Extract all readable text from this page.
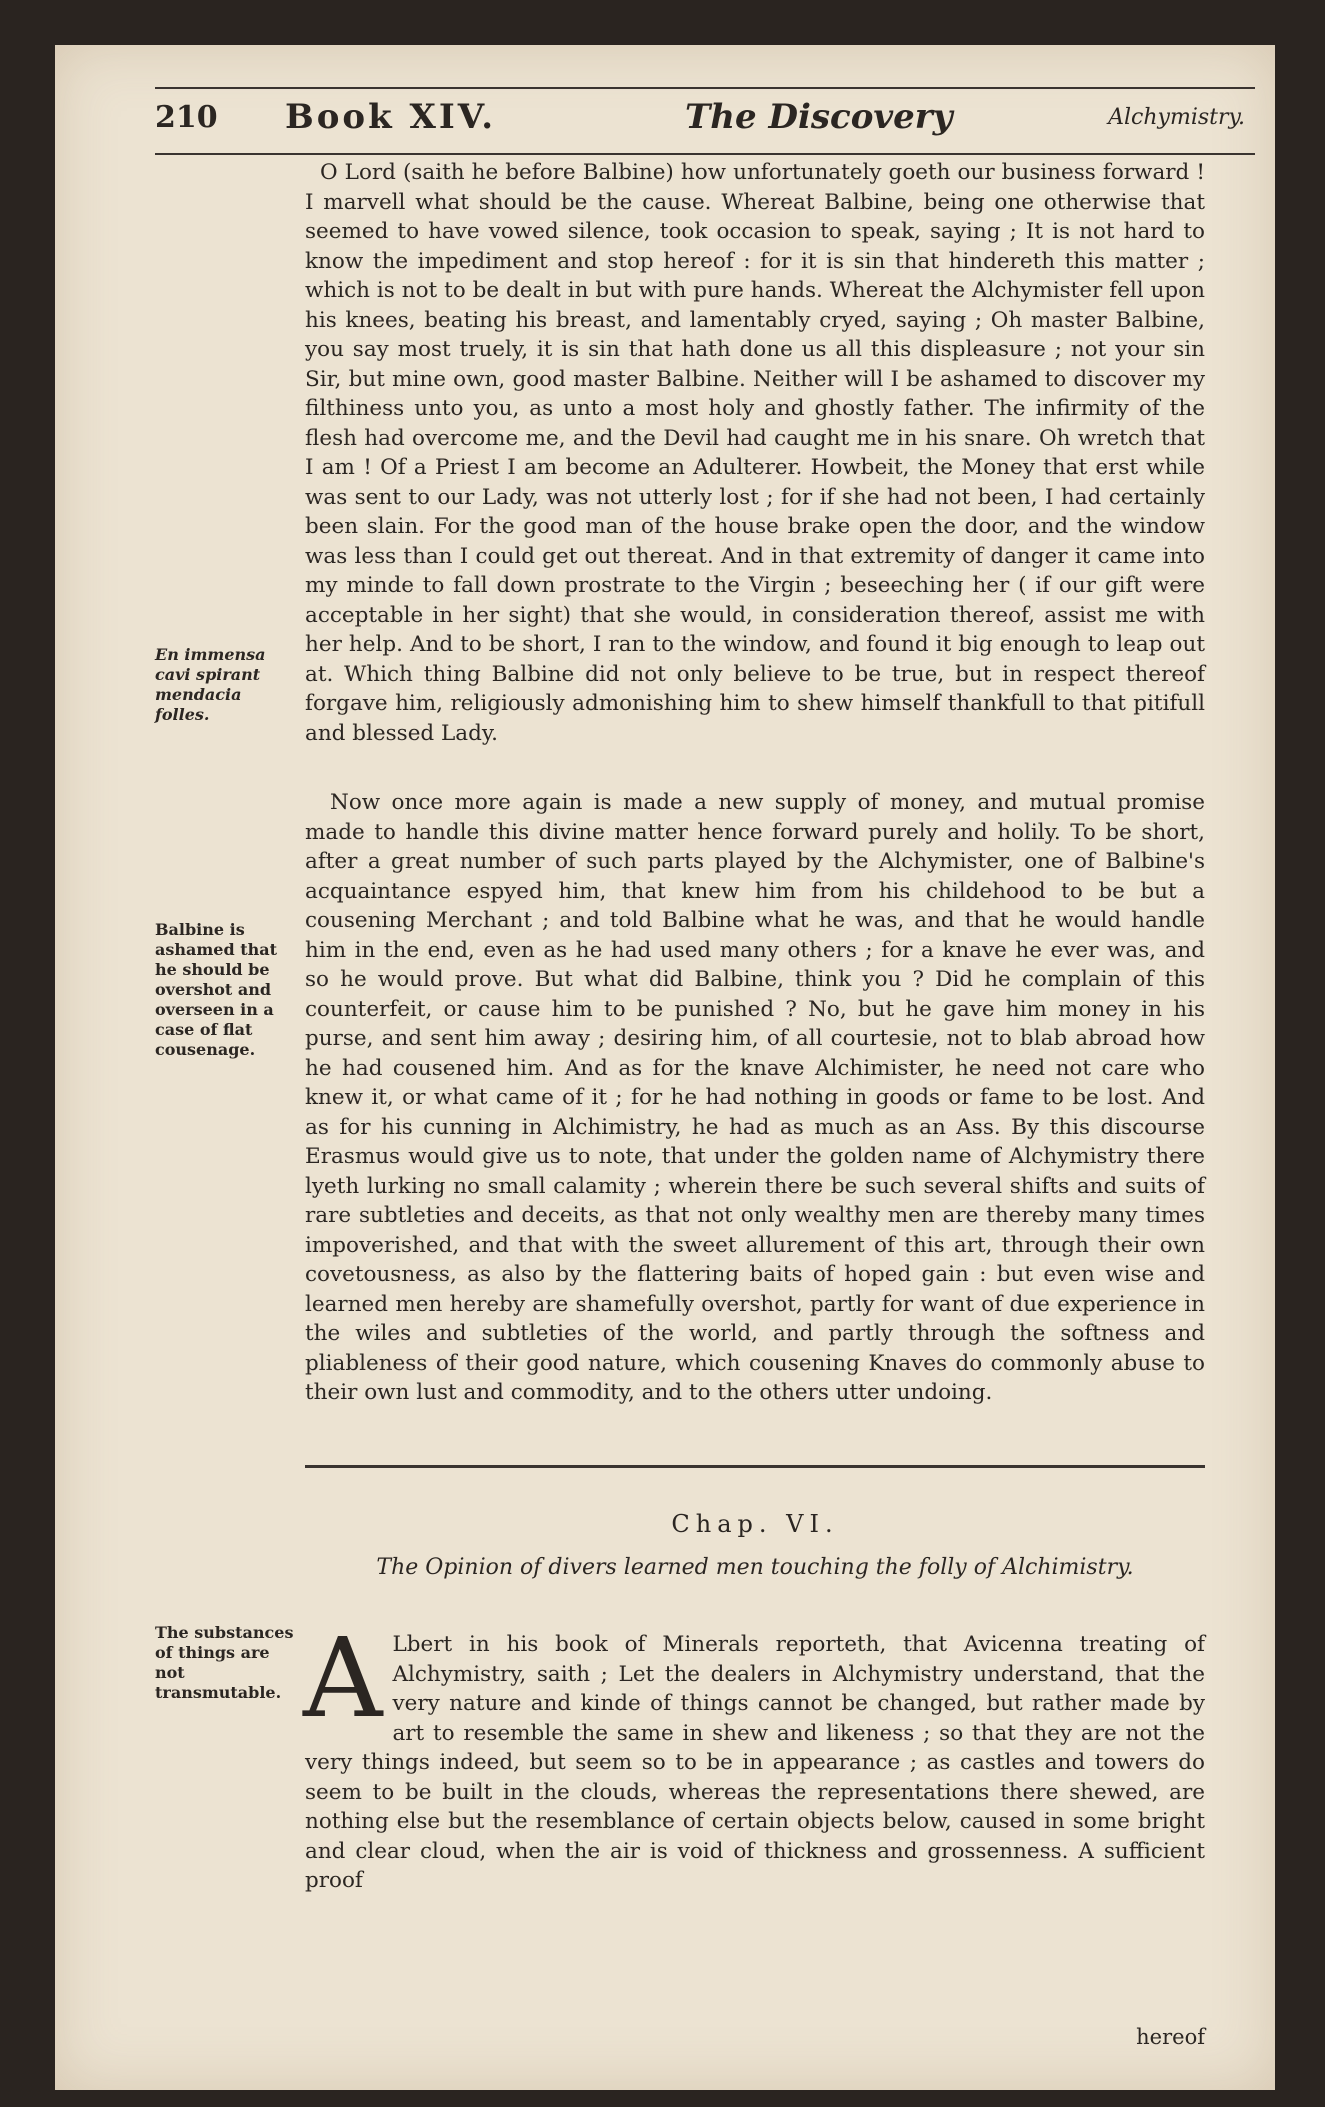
210 Book XIV.	The Discovery	Alchymistry.

O Lord (saith he before Balbine) how unfortunately goeth our business forward ! I marvell what should be the cause. Whereat Balbine, being one otherwise that seemed to have vowed silence, took occasion to speak, saying ; It is not hard to know the impediment and stop hereof : for it is sin that hindereth this matter ; which is not to be dealt in but with pure hands. Whereat the Alchymister fell upon his knees, beating his breast, and lamentably cryed, saying ; Oh master Balbine, you say most truely, it is sin that hath done us all this displeasure ; not your sin Sir, but mine own, good master Balbine. Neither will I be ashamed to discover my filthiness unto you, as unto a most holy and ghostly father. The infirmity of the flesh had overcome me, and the Devil had caught me in his snare. Oh wretch that I am ! Of a Priest I am become an Adulterer. Howbeit, the Money that erst while was sent to our Lady, was not utterly lost ; for if she had not been, I had certainly been slain. For the good man of the house brake open the door, and the window was less than I could get out thereat. And in that extremity of danger it came into my minde to fall down prostrate to the Virgin ; beseeching her ( if our gift were acceptable in her sight) that she would, in consideration thereof, assist me with her help. And to be short, I ran to the window, and found it big enough to leap out at. Which thing Balbine did not only believe to be true, but in respect thereof forgave him, religiously admonishing him to shew himself thankfull to that pitifull and blessed Lady.

En immensa cavi spirant mendacia folles.

Now once more again is made a new supply of money, and mutual promise made to handle this divine matter hence forward purely and holily. To be short, after a great number of such parts played by the Alchymister, one of Balbine's acquaintance espyed him, that knew him from his childehood to be but a cousening Merchant ; and told Balbine what he was, and that he would handle him in the end, even as he had used many others ; for a knave he ever was, and so he would prove. But what did Balbine, think you ? Did he complain of this counterfeit, or cause him to be punished ? No, but he gave him money in his purse, and sent him away ; desiring him, of all courtesie, not to blab abroad how he had cousened him. And as for the knave Alchimister, he need not care who knew it, or what came of it ; for he had nothing in goods or fame to be lost. And as for his cunning in Alchimistry, he had as much as an Ass. By this discourse Erasmus would give us to note, that under the golden name of Alchymistry there lyeth lurking no small calamity ; wherein there be such several shifts and suits of rare subtleties and deceits, as that not only wealthy men are thereby many times impoverished, and that with the sweet allurement of this art, through their own covetousness, as also by the flattering baits of hoped gain : but even wise and learned men hereby are shamefully overshot, partly for want of due experience in the wiles and subtleties of the world, and partly through the softness and pliableness of their good nature, which cousening Knaves do commonly abuse to their own lust and commodity, and to the others utter undoing.

Balbine is ashamed that he should be overshot and overseen in a case of flat cousenage.

Chap. VI.
The Opinion of divers learned men touching the folly of Alchimistry.

The substances of things are not transmutable. A Lbert in his book of Minerals reporteth, that Avicenna treating of Alchymistry, saith ; Let the dealers in Alchymistry understand, that the very nature and kinde of things cannot be changed, but rather made by art to resemble the same in shew and likeness ; so that they are not the very things indeed, but seem so to be in appearance ; as castles and towers do seem to be built in the clouds, whereas the representations there shewed, are nothing else but the resemblance of certain objects below, caused in some bright and clear cloud, when the air is void of thickness and grossenness. A sufficient proof

hereof
